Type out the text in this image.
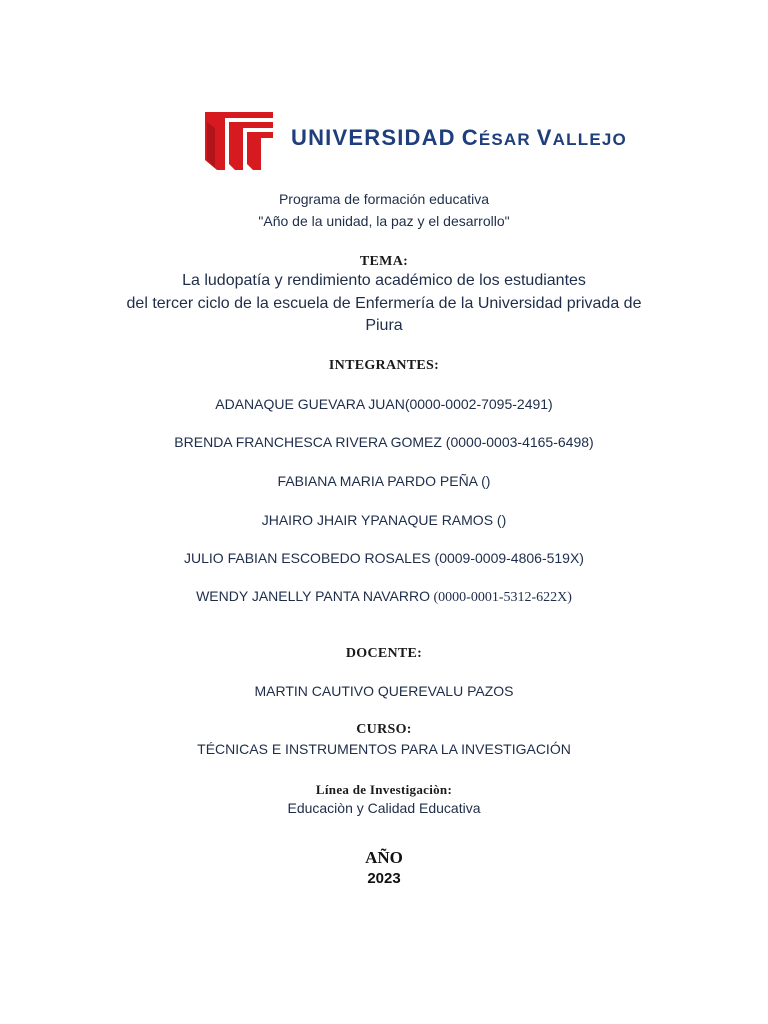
UNIVERSIDAD CÉSAR VALLEJO
Programa de formación educativa
"Año de la unidad, la paz y el desarrollo"
TEMA:
La ludopatía y rendimiento académico de los estudiantes
del tercer ciclo de la escuela de Enfermería de la Universidad privada de
Piura
INTEGRANTES:
ADANAQUE GUEVARA JUAN(0000-0002-7095-2491)
BRENDA FRANCHESCA RIVERA GOMEZ (0000-0003-4165-6498)
FABIANA MARIA PARDO PEÑA ()
JHAIRO JHAIR YPANAQUE RAMOS ()
JULIO FABIAN ESCOBEDO ROSALES (0009-0009-4806-519X)
WENDY JANELLY PANTA NAVARRO (0000-0001-5312-622X)
DOCENTE:
MARTIN CAUTIVO QUEREVALU PAZOS
CURSO:
TÉCNICAS E INSTRUMENTOS PARA LA INVESTIGACIÓN
Línea de Investigaciòn:
Educaciòn y Calidad Educativa
AÑO
2023
